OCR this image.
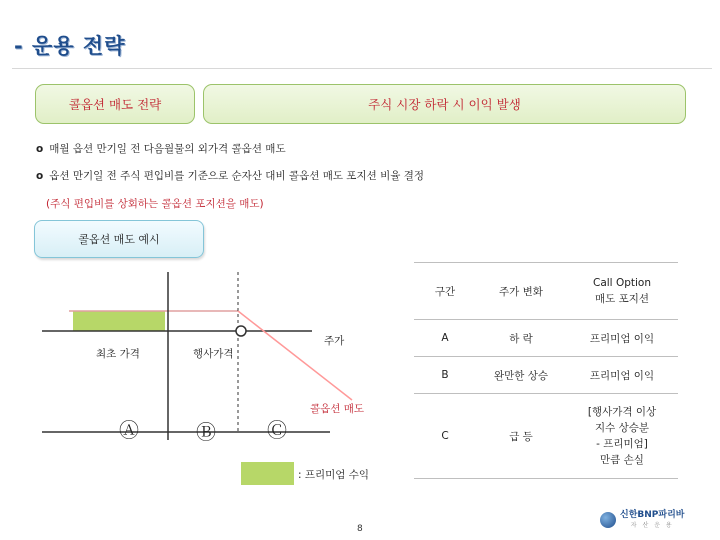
- 운용 전략
콜옵션 매도 전략	주식 시장 하락 시 이익 발생
o 매월 옵션 만기일 전 다음월물의 외가격 콜옵션 매도
o 옵션 만기일 전 주식 편입비를 기준으로 순자산 대비 콜옵션 매도 포지션 비율 결정
(주식 편입비를 상회하는 콜옵션 포지션을 매도)
콜옵션 매도 예시
최초 가격	행사가격
주가
콜옵션 매도
Ⓐ	Ⓑ	Ⓒ
: 프리미엄 수익
구간	주가 변화	Call Option
매도 포지션
A	하 락	프리미엄 이익
B	완만한 상승	프리미엄 이익
C	급 등	[행사가격 이상
지수 상승분
- 프리미엄]
만큼 손실
8
신한BNP파리바
자 산 운 용
